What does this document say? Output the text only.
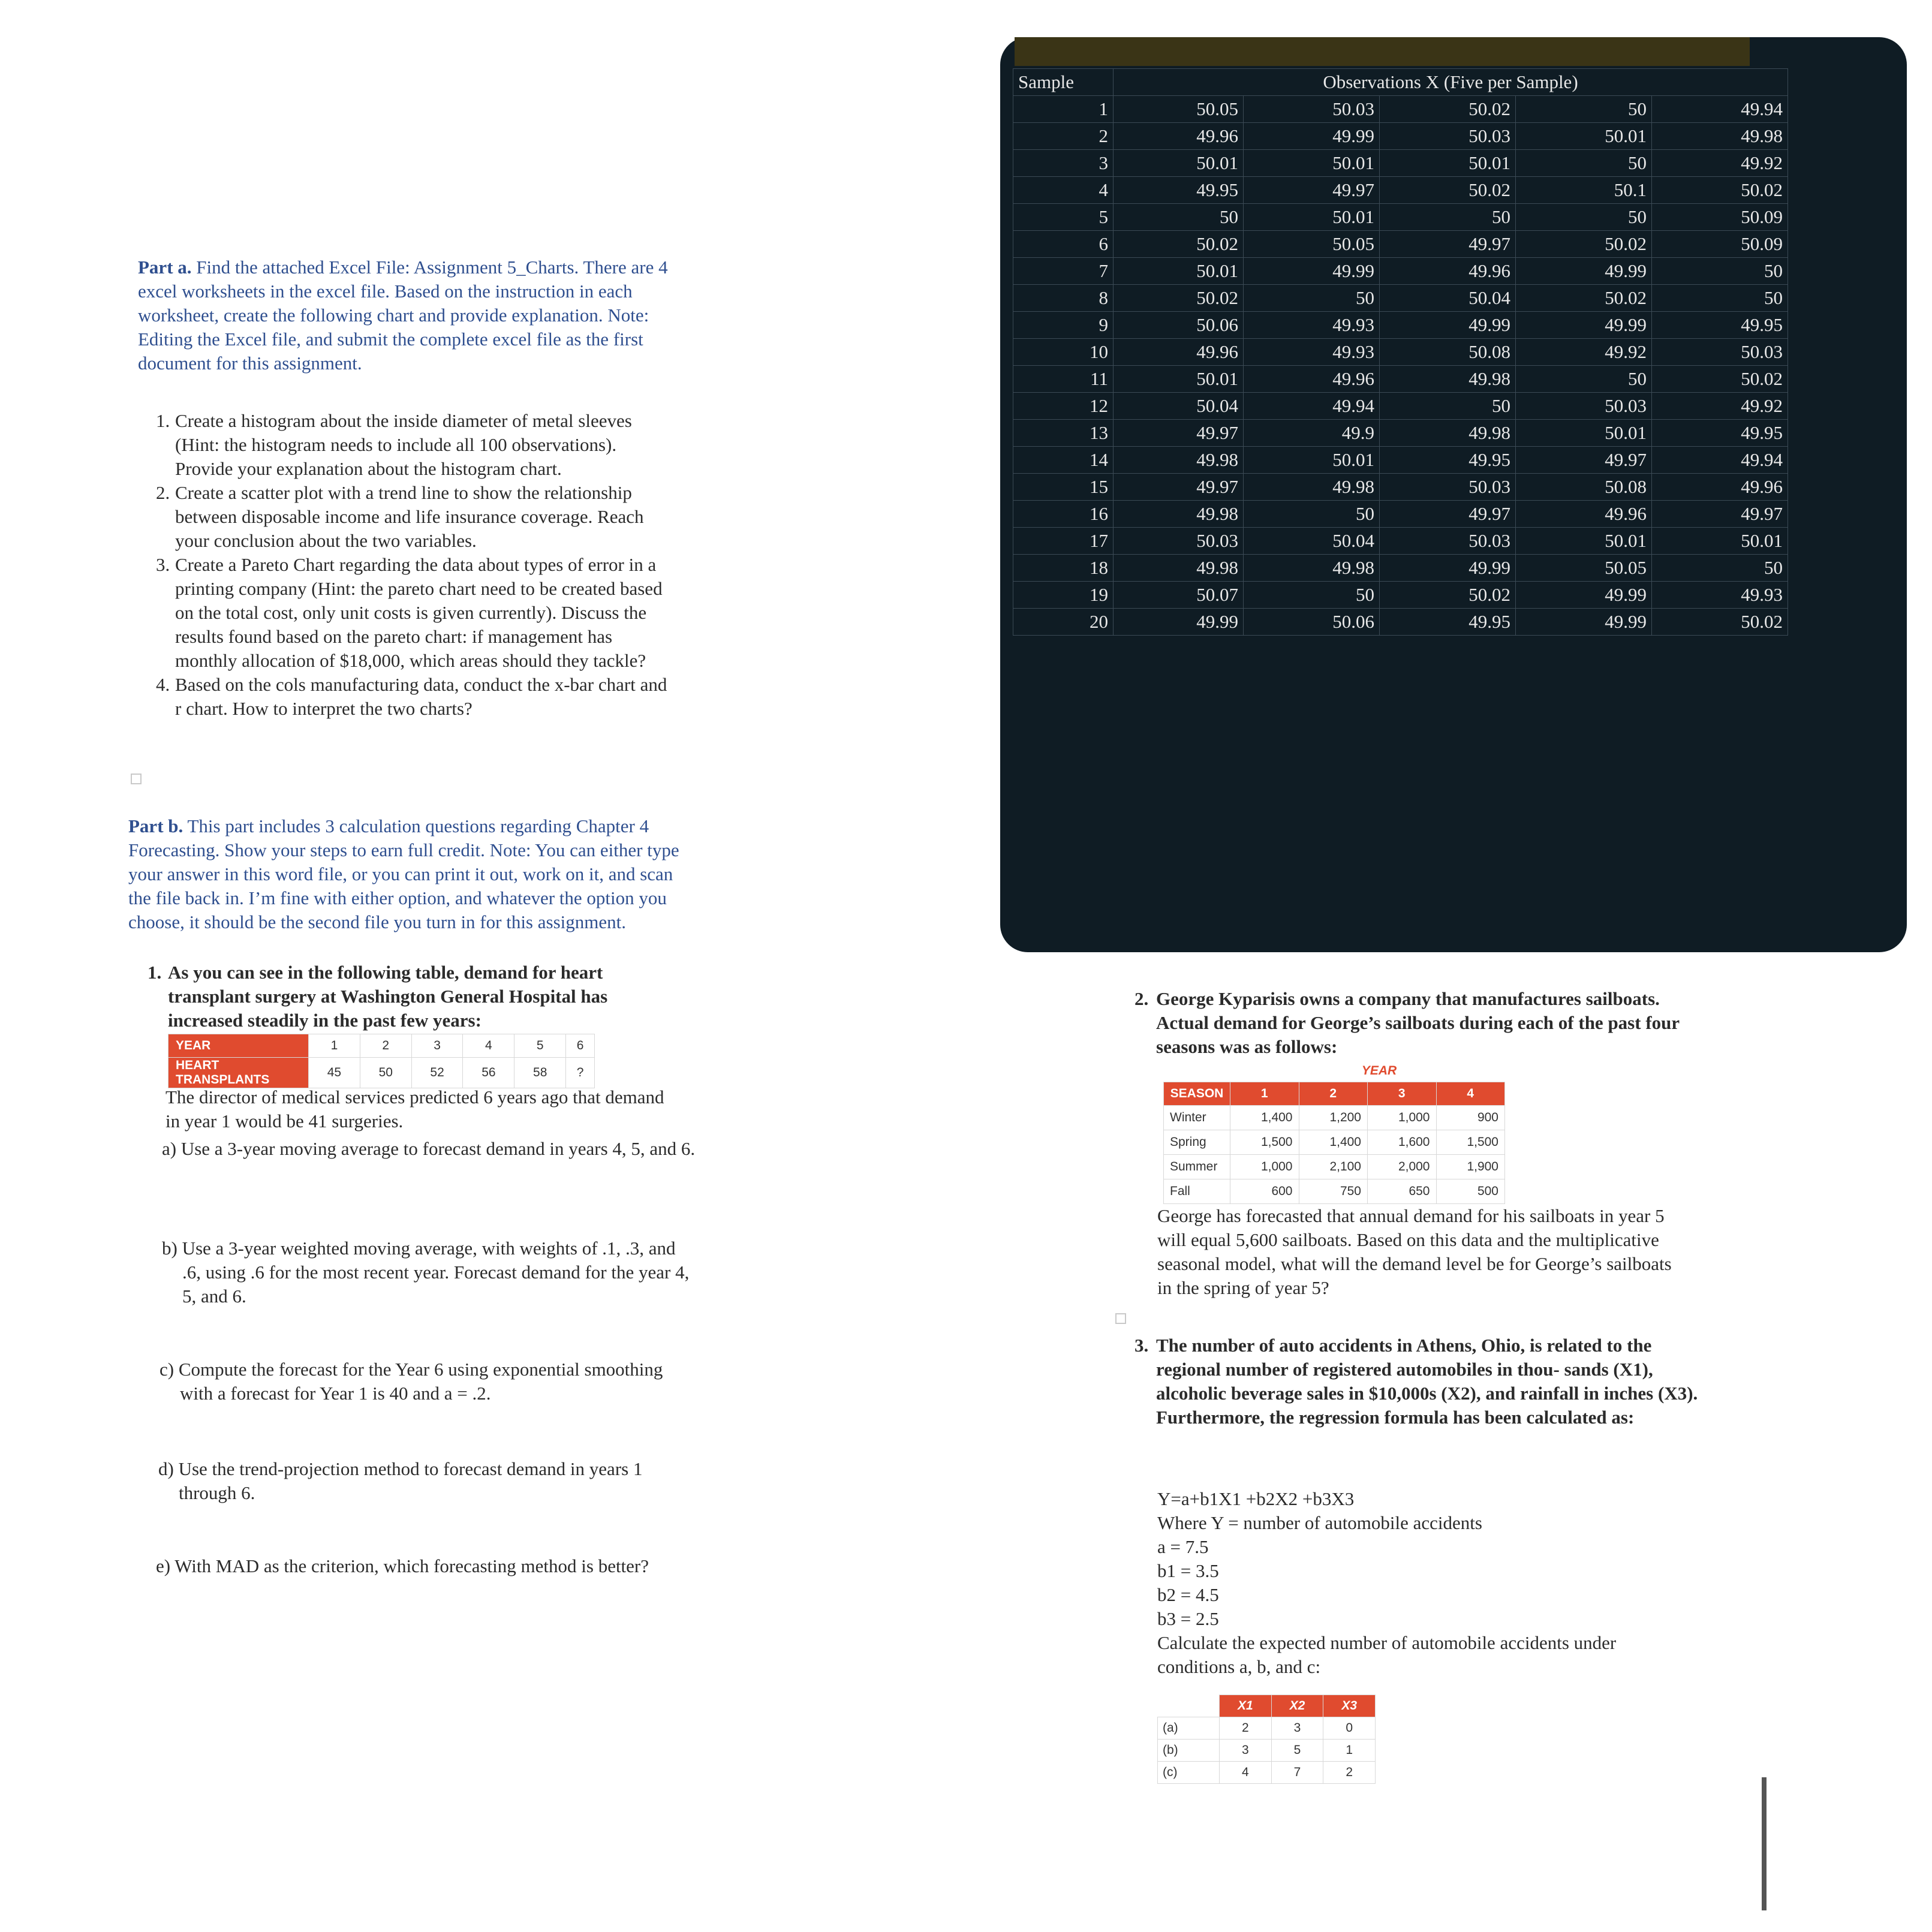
Part a. Find the attached Excel File: Assignment 5_Charts. There are 4 excel worksheets in the excel file. Based on the instruction in each worksheet, create the following chart and provide explanation. Note: Editing the Excel file, and submit the complete excel file as the first document for this assignment.
1. Create a histogram about the inside diameter of metal sleeves (Hint: the histogram needs to include all 100 observations). Provide your explanation about the histogram chart.
2. Create a scatter plot with a trend line to show the relationship between disposable income and life insurance coverage. Reach your conclusion about the two variables.
3. Create a Pareto Chart regarding the data about types of error in a printing company (Hint: the pareto chart need to be created based on the total cost, only unit costs is given currently). Discuss the results found based on the pareto chart: if management has monthly allocation of $18,000, which areas should they tackle?
4. Based on the cols manufacturing data, conduct the x-bar chart and r chart. How to interpret the two charts?
Part b. This part includes 3 calculation questions regarding Chapter 4 Forecasting. Show your steps to earn full credit. Note: You can either type your answer in this word file, or you can print it out, work on it, and scan the file back in. I’m fine with either option, and whatever the option you choose, it should be the second file you turn in for this assignment.
1. As you can see in the following table, demand for heart transplant surgery at Washington General Hospital has increased steadily in the past few years:
YEAR	1	2	3	4	5	6
HEART TRANSPLANTS	45	50	52	56	58	?
The director of medical services predicted 6 years ago that demand in year 1 would be 41 surgeries.
a) Use a 3-year moving average to forecast demand in years 4, 5, and 6.
b) Use a 3-year weighted moving average, with weights of .1, .3, and .6, using .6 for the most recent year. Forecast demand for the year 4, 5, and 6.
c) Compute the forecast for the Year 6 using exponential smoothing with a forecast for Year 1 is 40 and a = .2.
d) Use the trend-projection method to forecast demand in years 1 through 6.
e) With MAD as the criterion, which forecasting method is better?
Sample	Observations X (Five per Sample)				
1	50.05	50.03	50.02	50	49.94
2	49.96	49.99	50.03	50.01	49.98
3	50.01	50.01	50.01	50	49.92
4	49.95	49.97	50.02	50.1	50.02
5	50	50.01	50	50	50.09
6	50.02	50.05	49.97	50.02	50.09
7	50.01	49.99	49.96	49.99	50
8	50.02	50	50.04	50.02	50
9	50.06	49.93	49.99	49.99	49.95
10	49.96	49.93	50.08	49.92	50.03
11	50.01	49.96	49.98	50	50.02
12	50.04	49.94	50	50.03	49.92
13	49.97	49.9	49.98	50.01	49.95
14	49.98	50.01	49.95	49.97	49.94
15	49.97	49.98	50.03	50.08	49.96
16	49.98	50	49.97	49.96	49.97
17	50.03	50.04	50.03	50.01	50.01
18	49.98	49.98	49.99	50.05	50
19	50.07	50	50.02	49.99	49.93
20	49.99	50.06	49.95	49.99	50.02
2. George Kyparisis owns a company that manufactures sailboats. Actual demand for George’s sailboats during each of the past four seasons was as follows:
YEAR
SEASON	1	2	3	4
Winter	1,400	1,200	1,000	900
Spring	1,500	1,400	1,600	1,500
Summer	1,000	2,100	2,000	1,900
Fall	600	750	650	500
George has forecasted that annual demand for his sailboats in year 5 will equal 5,600 sailboats. Based on this data and the multiplicative seasonal model, what will the demand level be for George’s sailboats in the spring of year 5?
3. The number of auto accidents in Athens, Ohio, is related to the regional number of registered automobiles in thou- sands (X1), alcoholic beverage sales in $10,000s (X2), and rainfall in inches (X3). Furthermore, the regression formula has been calculated as:
Y=a+b1X1 +b2X2 +b3X3
Where Y = number of automobile accidents
a = 7.5
b1 = 3.5
b2 = 4.5
b3 = 2.5
Calculate the expected number of automobile accidents under conditions a, b, and c:
	X1	X2	X3
(a)	2	3	0
(b)	3	5	1
(c)	4	7	2
